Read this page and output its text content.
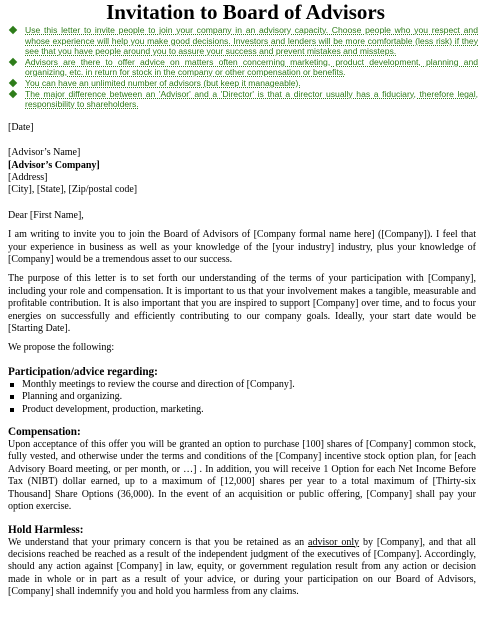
Invitation to Board of Advisors
Use this letter to invite people to join your company in an advisory capacity. Choose people who you respect and whose experience will help you make good decisions. Investors and lenders will be more comfortable (less risk) if they see that you have people around you to assure your success and prevent mistakes and missteps.
Advisors are there to offer advice on matters often concerning marketing, product development, planning and organizing, etc. in return for stock in the company or other compensation or benefits.
You can have an unlimited number of advisors (but keep it manageable).
The major difference between an 'Advisor' and a 'Director' is that a director usually has a fiduciary, therefore legal, responsibility to shareholders.

[Date]

[Advisor’s Name]

[Advisor’s Company]

[Address]

[City], [State], [Zip/postal code]

Dear [First Name],

I am writing to invite you to join the Board of Advisors of [Company formal name here] ([Company]). I feel that your experience in business as well as your knowledge of the [your industry] industry, plus your knowledge of [Company] would be a tremendous asset to our success.

The purpose of this letter is to set forth our understanding of the terms of your participation with [Company], including your role and compensation. It is important to us that your involvement makes a tangible, measurable and profitable contribution. It is also important that you are inspired to support [Company] over time, and to focus your energies on successfully and efficiently contributing to our company goals. Ideally, your start date would be [Starting Date].

We propose the following:

Participation/advice regarding:

Monthly meetings to review the course and direction of [Company].
Planning and organizing.
Product development, production, marketing.

Compensation:

Upon acceptance of this offer you will be granted an option to purchase [100] shares of [Company] common stock, fully vested, and otherwise under the terms and conditions of the [Company] incentive stock option plan, for [each Advisory Board meeting, or per month, or …] . In addition, you will receive 1 Option for each Net Income Before Tax (NIBT) dollar earned, up to a maximum of [12,000] shares per year to a total maximum of [Thirty-six Thousand] Share Options (36,000). In the event of an acquisition or public offering, [Company] shall pay your option exercise.

Hold Harmless:

We understand that your primary concern is that you be retained as an advisor only by [Company], and that all decisions reached be reached as a result of the independent judgment of the executives of [Company]. Accordingly, should any action against [Company] in law, equity, or government regulation result from any action or decision made in whole or in part as a result of your advice, or during your participation on our Board of Advisors, [Company] shall indemnify you and hold you harmless from any claims.
